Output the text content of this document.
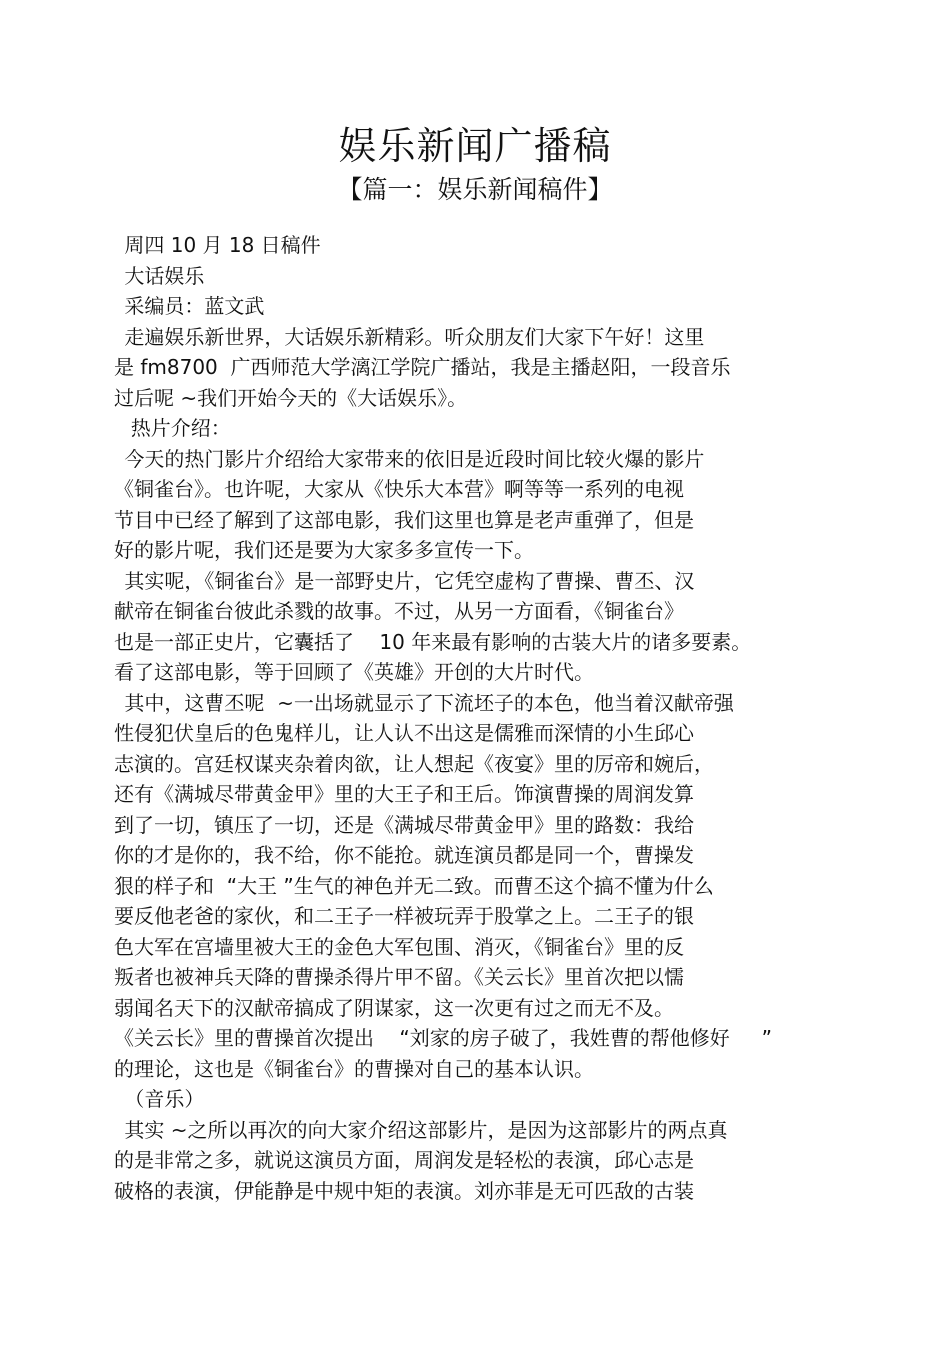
娱乐新闻广播稿
【篇一：娱乐新闻稿件】
周四 10 月 18 日稿件
大话娱乐
采编员：蓝文武
走遍娱乐新世界，大话娱乐新精彩。听众朋友们大家下午好！这里
是 fm8700  广西师范大学漓江学院广播站，我是主播赵阳，一段音乐
过后呢 ~我们开始今天的《大话娱乐》。
热片介绍：
今天的热门影片介绍给大家带来的依旧是近段时间比较火爆的影片
《铜雀台》。也许呢，大家从《快乐大本营》啊等等一系列的电视
节目中已经了解到了这部电影，我们这里也算是老声重弹了，但是
好的影片呢，我们还是要为大家多多宣传一下。
其实呢，《铜雀台》是一部野史片，它凭空虚构了曹操、曹丕、汉
献帝在铜雀台彼此杀戮的故事。不过，从另一方面看，《铜雀台》
也是一部正史片，它囊括了    10 年来最有影响的古装大片的诸多要素。
看了这部电影，等于回顾了《英雄》开创的大片时代。
其中，这曹丕呢  ~一出场就显示了下流坯子的本色，他当着汉献帝强
性侵犯伏皇后的色鬼样儿，让人认不出这是儒雅而深情的小生邱心
志演的。宫廷权谋夹杂着肉欲，让人想起《夜宴》里的厉帝和婉后，
还有《满城尽带黄金甲》里的大王子和王后。饰演曹操的周润发算
到了一切，镇压了一切，还是《满城尽带黄金甲》里的路数：我给
你的才是你的，我不给，你不能抢。就连演员都是同一个，曹操发
狠的样子和  “大王 ”生气的神色并无二致。而曹丕这个搞不懂为什么
要反他老爸的家伙，和二王子一样被玩弄于股掌之上。二王子的银
色大军在宫墙里被大王的金色大军包围、消灭，《铜雀台》里的反
叛者也被神兵天降的曹操杀得片甲不留。《关云长》里首次把以懦
弱闻名天下的汉献帝搞成了阴谋家，这一次更有过之而无不及。
《关云长》里的曹操首次提出    “刘家的房子破了，我姓曹的帮他修好     ”
的理论，这也是《铜雀台》的曹操对自己的基本认识。
（音乐）
其实 ~之所以再次的向大家介绍这部影片，是因为这部影片的两点真
的是非常之多，就说这演员方面，周润发是轻松的表演，邱心志是
破格的表演，伊能静是中规中矩的表演。刘亦菲是无可匹敌的古装
